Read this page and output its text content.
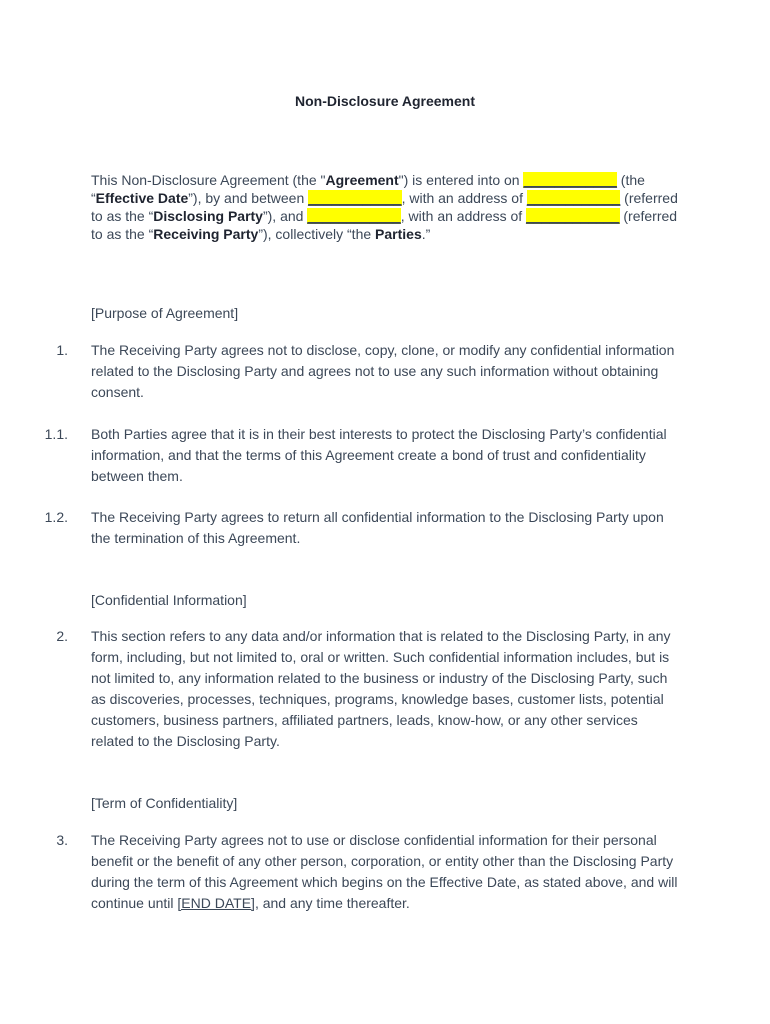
Non-Disclosure Agreement
This Non-Disclosure Agreement (the "Agreement") is entered into on ____________ (the “Effective Date”), by and between ____________, with an address of ____________ (referred to as the “Disclosing Party”), and ____________, with an address of ____________ (referred to as the “Receiving Party”), collectively “the Parties.”
[Purpose of Agreement]
1. The Receiving Party agrees not to disclose, copy, clone, or modify any confidential information related to the Disclosing Party and agrees not to use any such information without obtaining consent.
1.1. Both Parties agree that it is in their best interests to protect the Disclosing Party’s confidential information, and that the terms of this Agreement create a bond of trust and confidentiality between them.
1.2. The Receiving Party agrees to return all confidential information to the Disclosing Party upon the termination of this Agreement.
[Confidential Information]
2. This section refers to any data and/or information that is related to the Disclosing Party, in any form, including, but not limited to, oral or written. Such confidential information includes, but is not limited to, any information related to the business or industry of the Disclosing Party, such as discoveries, processes, techniques, programs, knowledge bases, customer lists, potential customers, business partners, affiliated partners, leads, know-how, or any other services related to the Disclosing Party.
[Term of Confidentiality]
3. The Receiving Party agrees not to use or disclose confidential information for their personal benefit or the benefit of any other person, corporation, or entity other than the Disclosing Party during the term of this Agreement which begins on the Effective Date, as stated above, and will continue until [END DATE], and any time thereafter.
